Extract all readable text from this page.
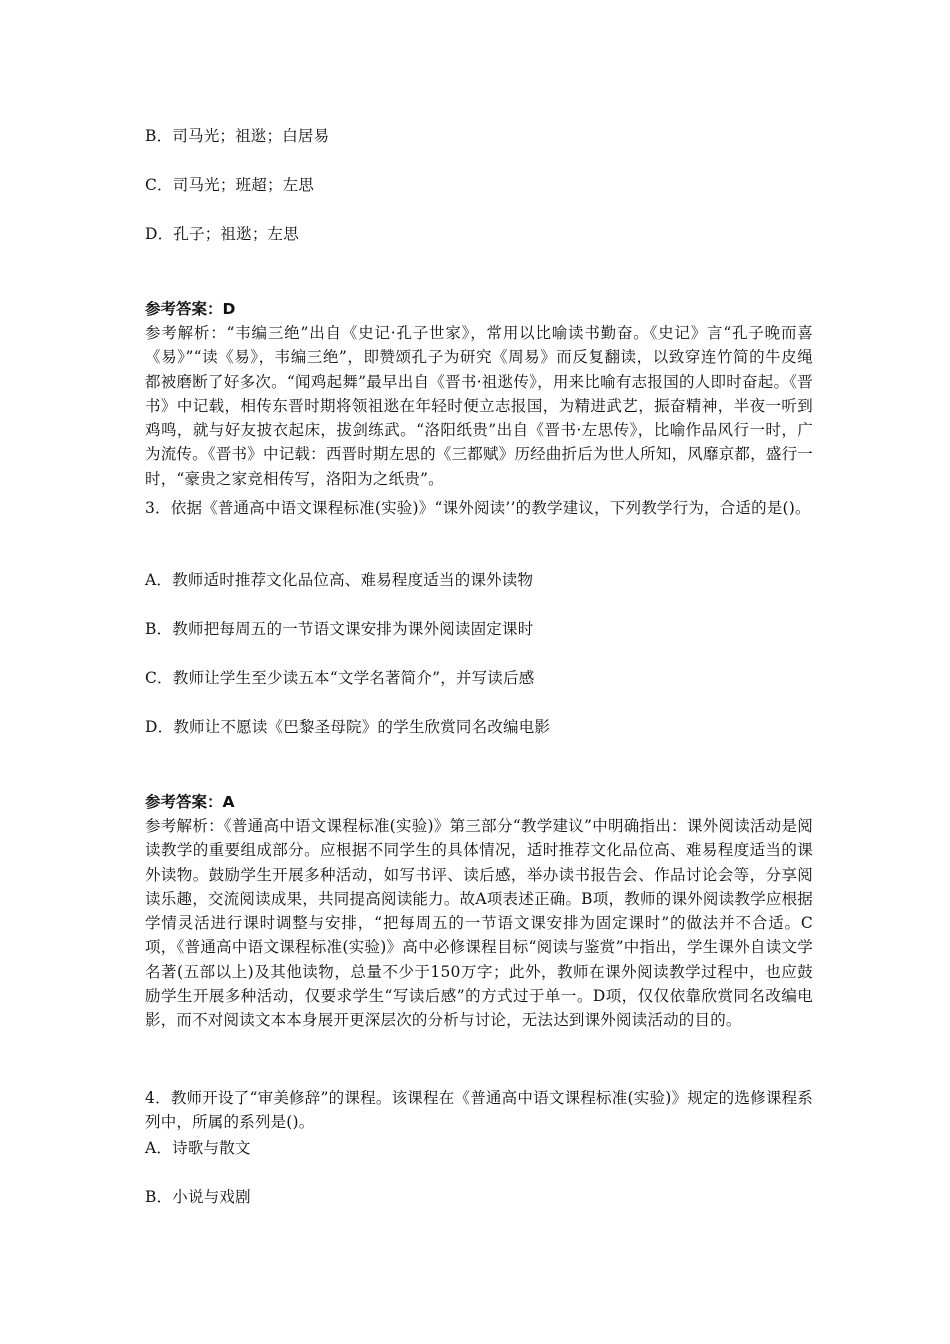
B．司马光；祖逖；白居易
C．司马光；班超；左思
D．孔子；祖逖；左思
参考答案：D
参考解析：“韦编三绝”出自《史记·孔子世家》，常用以比喻读书勤奋。《史记》言“孔子晚而喜《易》”“读《易》，韦编三绝”，即赞颂孔子为研究《周易》而反复翻读，以致穿连竹简的牛皮绳都被磨断了好多次。“闻鸡起舞”最早出自《晋书·祖逖传》，用来比喻有志报国的人即时奋起。《晋书》中记载，相传东晋时期将领祖逖在年轻时便立志报国，为精进武艺，振奋精神，半夜一听到鸡鸣，就与好友披衣起床，拔剑练武。“洛阳纸贵”出自《晋书·左思传》，比喻作品风行一时，广为流传。《晋书》中记载：西晋时期左思的《三都赋》历经曲折后为世人所知，风靡京都，盛行一时，“豪贵之家竞相传写，洛阳为之纸贵”。
3．依据《普通高中语文课程标准(实验)》“课外阅读’’的教学建议，下列教学行为，合适的是()。
A．教师适时推荐文化品位高、难易程度适当的课外读物
B．教师把每周五的一节语文课安排为课外阅读固定课时
C．教师让学生至少读五本“文学名著简介”，并写读后感
D．教师让不愿读《巴黎圣母院》的学生欣赏同名改编电影
参考答案：A
参考解析：《普通高中语文课程标准(实验)》第三部分“教学建议”中明确指出：课外阅读活动是阅读教学的重要组成部分。应根据不同学生的具体情况，适时推荐文化品位高、难易程度适当的课外读物。鼓励学生开展多种活动，如写书评、读后感，举办读书报告会、作品讨论会等，分享阅读乐趣，交流阅读成果，共同提高阅读能力。故A项表述正确。B项，教师的课外阅读教学应根据学情灵活进行课时调整与安排，“把每周五的一节语文课安排为固定课时”的做法并不合适。C项，《普通高中语文课程标准(实验)》高中必修课程目标“阅读与鉴赏”中指出，学生课外自读文学名著(五部以上)及其他读物，总量不少于150万字；此外，教师在课外阅读教学过程中，也应鼓励学生开展多种活动，仅要求学生“写读后感”的方式过于单一。D项，仅仅依靠欣赏同名改编电影，而不对阅读文本本身展开更深层次的分析与讨论，无法达到课外阅读活动的目的。
4．教师开设了“审美修辞”的课程。该课程在《普通高中语文课程标准(实验)》规定的选修课程系列中，所属的系列是()。
A．诗歌与散文
B．小说与戏剧
